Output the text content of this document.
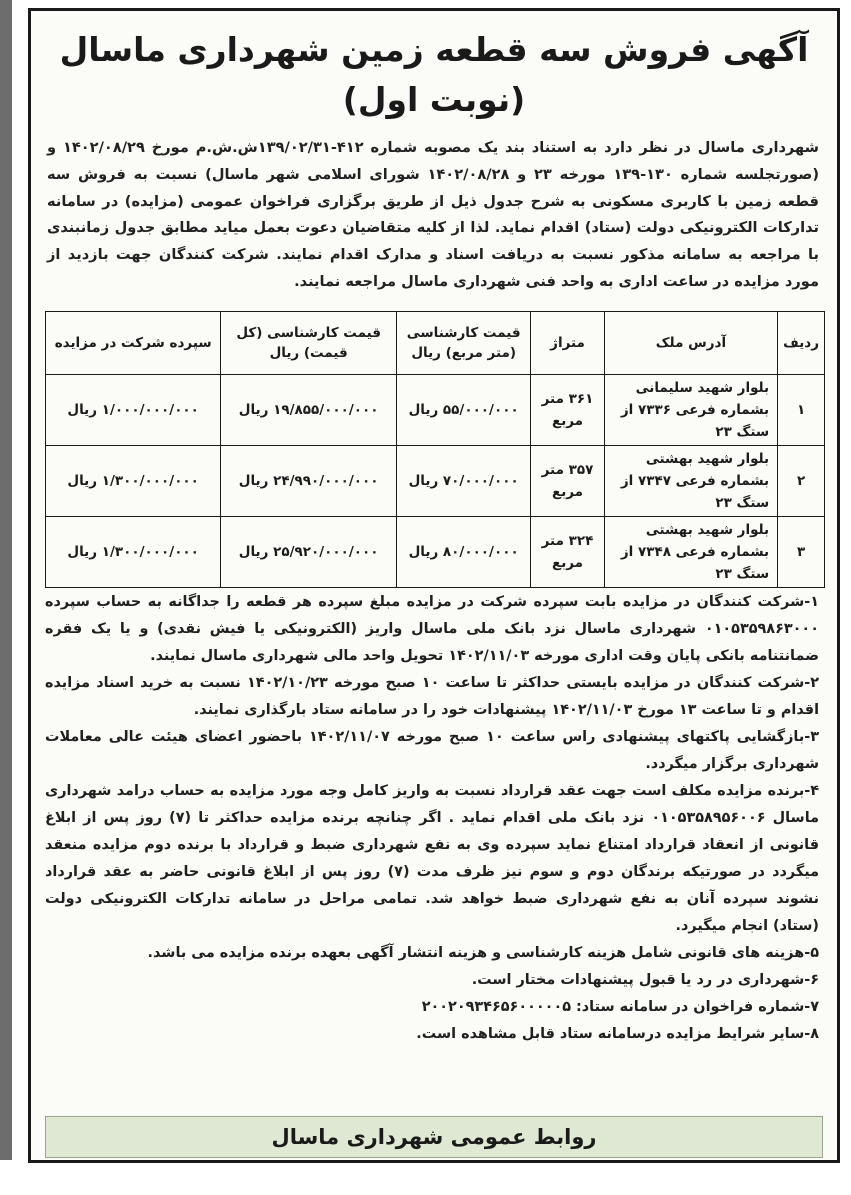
آگهی فروش سه قطعه زمین شهرداری ماسال (نوبت اول)
شهرداری ماسال در نظر دارد به استناد بند یک مصوبه شماره ۴۱۲-۱۳۹/۰۲/۳۱ش.ش.م مورخ ۱۴۰۲/۰۸/۲۹ و (صورتجلسه شماره ۱۳۰-۱۳۹ مورخه ۲۳ و ۱۴۰۲/۰۸/۲۸ شورای اسلامی شهر ماسال) نسبت به فروش سه قطعه زمین با کاربری مسکونی به شرح جدول ذیل از طریق برگزاری فراخوان عمومی (مزایده) در سامانه تدارکات الکترونیکی دولت (ستاد) اقدام نماید. لذا از کلیه متقاضیان دعوت بعمل میاید مطابق جدول زمانبندی با مراجعه به سامانه مذکور نسبت به دریافت اسناد و مدارک اقدام نمایند. شرکت کنندگان جهت بازدید از مورد مزایده در ساعت اداری به واحد فنی شهرداری ماسال مراجعه نمایند.
ردیف	آدرس ملک	متراژ	قیمت کارشناسی (متر مربع) ریال	قیمت کارشناسی (کل قیمت) ریال	سپرده شرکت در مزایده
۱	بلوار شهید سلیمانی بشماره فرعی ۷۳۳۶ از ستگ ۲۳	۳۶۱ متر مربع	۵۵/۰۰۰/۰۰۰ ریال	۱۹/۸۵۵/۰۰۰/۰۰۰ ریال	۱/۰۰۰/۰۰۰/۰۰۰ ریال
۲	بلوار شهید بهشتی بشماره فرعی ۷۳۴۷ از ستگ ۲۳	۳۵۷ متر مربع	۷۰/۰۰۰/۰۰۰ ریال	۲۴/۹۹۰/۰۰۰/۰۰۰ ریال	۱/۳۰۰/۰۰۰/۰۰۰ ریال
۳	بلوار شهید بهشتی بشماره فرعی ۷۳۴۸ از ستگ ۲۳	۳۲۴ متر مربع	۸۰/۰۰۰/۰۰۰ ریال	۲۵/۹۲۰/۰۰۰/۰۰۰ ریال	۱/۳۰۰/۰۰۰/۰۰۰ ریال

۱-شرکت کنندگان در مزایده بابت سپرده شرکت در مزایده مبلغ سپرده هر قطعه را جداگانه به حساب سپرده ۰۱۰۵۳۵۹۸۶۳۰۰۰ شهرداری ماسال نزد بانک ملی ماسال واریز (الکترونیکی یا فیش نقدی) و یا یک فقره ضمانتنامه بانکی پایان وقت اداری مورخه ۱۴۰۲/۱۱/۰۳ تحویل واحد مالی شهرداری ماسال نمایند.

۲-شرکت کنندگان در مزایده بایستی حداکثر تا ساعت ۱۰ صبح مورخه ۱۴۰۲/۱۰/۲۳ نسبت به خرید اسناد مزایده اقدام و تا ساعت ۱۳ مورخ ۱۴۰۲/۱۱/۰۳ پیشنهادات خود را در سامانه ستاد بارگذاری نمایند.

۳-بازگشایی پاکتهای پیشنهادی راس ساعت ۱۰ صبح مورخه ۱۴۰۲/۱۱/۰۷ باحضور اعضای هیئت عالی معاملات شهرداری برگزار میگردد.

۴-برنده مزایده مکلف است جهت عقد قرارداد نسبت به واریز کامل وجه مورد مزایده به حساب درامد شهرداری ماسال ۰۱۰۵۳۵۸۹۵۶۰۰۶ نزد بانک ملی اقدام نماید . اگر چنانچه برنده مزایده حداکثر تا (۷) روز پس از ابلاغ قانونی از انعقاد قرارداد امتناع نماید سپرده وی به نفع شهرداری ضبط و قرارداد با برنده دوم مزایده منعقد میگردد در صورتیکه برندگان دوم و سوم نیز ظرف مدت (۷) روز پس از ابلاغ قانونی حاضر به عقد قرارداد نشوند سپرده آنان به نفع شهرداری ضبط خواهد شد. تمامی مراحل در سامانه تدارکات الکترونیکی دولت (ستاد) انجام میگیرد.

۵-هزینه های قانونی شامل هزینه کارشناسی و هزینه انتشار آگهی بعهده برنده مزایده می باشد.

۶-شهرداری در رد یا قبول پیشنهادات مختار است.

۷-شماره فراخوان در سامانه ستاد: ۲۰۰۲۰۹۳۴۶۵۶۰۰۰۰۰۵

۸-سایر شرایط مزایده درسامانه ستاد قابل مشاهده است.

روابط عمومی شهرداری ماسال
